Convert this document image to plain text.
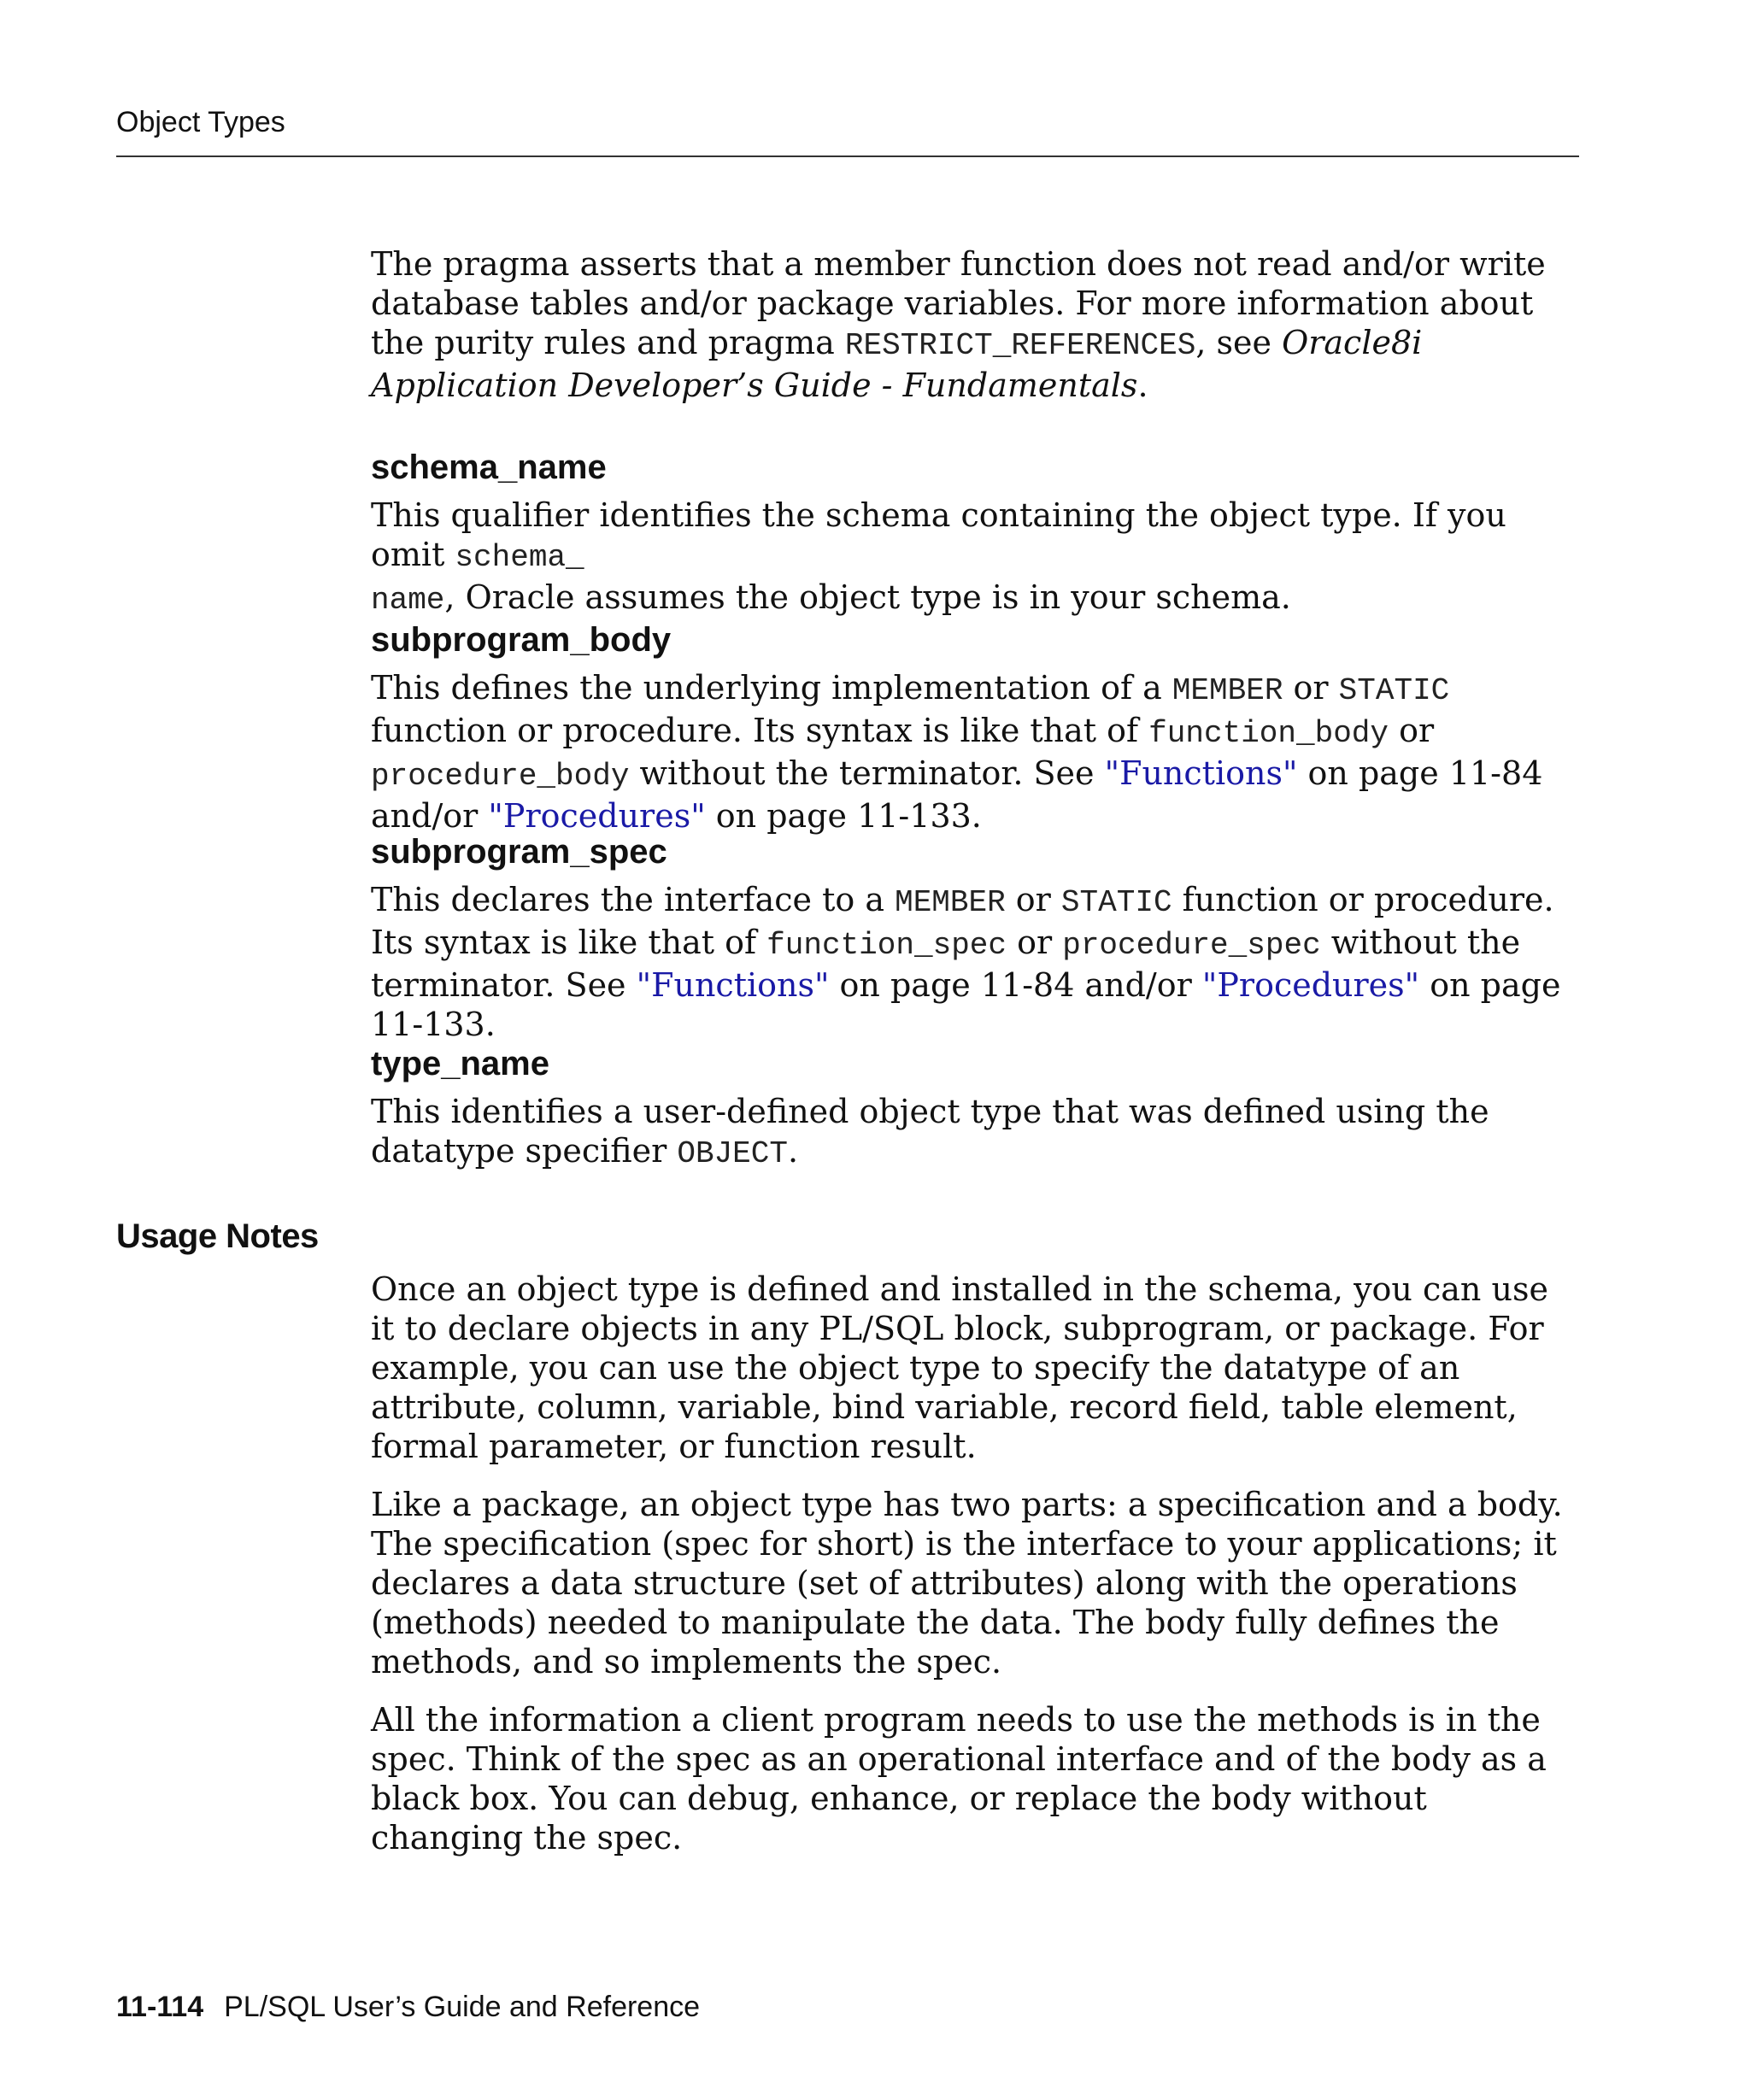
Object Types

The pragma asserts that a member function does not read and/or write database tables and/or package variables. For more information about the purity rules and pragma RESTRICT_REFERENCES, see Oracle8i Application Developer’s Guide - Fundamentals.

schema_name

This qualifier identifies the schema containing the object type. If you omit schema_
name, Oracle assumes the object type is in your schema.

subprogram_body

This defines the underlying implementation of a MEMBER or STATIC function or procedure. Its syntax is like that of function_body or procedure_body without the terminator. See "Functions" on page 11-84 and/or "Procedures" on page 11-133.

subprogram_spec

This declares the interface to a MEMBER or STATIC function or procedure. Its syntax is like that of function_spec or procedure_spec without the terminator. See "Functions" on page 11-84 and/or "Procedures" on page 11-133.

type_name

This identifies a user-defined object type that was defined using the datatype specifier OBJECT.

Usage Notes

Once an object type is defined and installed in the schema, you can use it to declare objects in any PL/SQL block, subprogram, or package. For example, you can use the object type to specify the datatype of an attribute, column, variable, bind variable, record field, table element, formal parameter, or function result.

Like a package, an object type has two parts: a specification and a body. The specification (spec for short) is the interface to your applications; it declares a data structure (set of attributes) along with the operations (methods) needed to manipulate the data. The body fully defines the methods, and so implements the spec.

All the information a client program needs to use the methods is in the spec. Think of the spec as an operational interface and of the body as a black box. You can debug, enhance, or replace the body without changing the spec.

11-114 PL/SQL User’s Guide and Reference
